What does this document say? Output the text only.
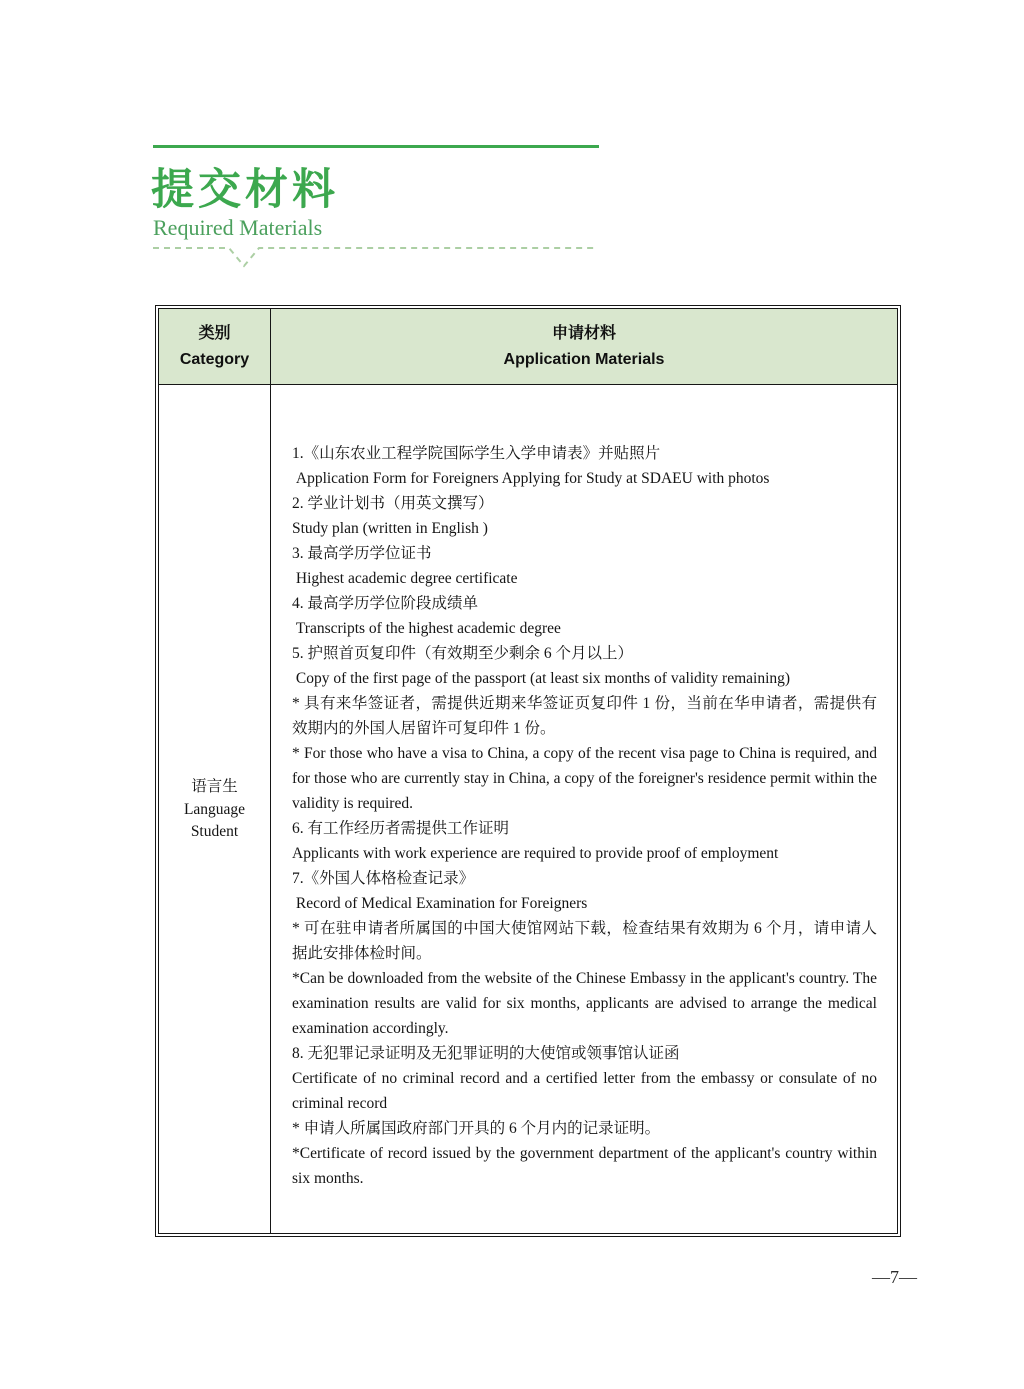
提交材料
Required Materials
类别
Category
申请材料
Application Materials
语言生
Language Student

1.《山东农业工程学院国际学生入学申请表》并贴照片

Application Form for Foreigners Applying for Study at SDAEU with photos

2. 学业计划书（用英文撰写）

Study plan (written in English )

3. 最高学历学位证书

Highest academic degree certificate

4. 最高学历学位阶段成绩单

Transcripts of the highest academic degree

5. 护照首页复印件（有效期至少剩余 6 个月以上）

Copy of the first page of the passport (at least six months of validity remaining)

* 具有来华签证者，需提供近期来华签证页复印件 1 份，当前在华申请者，需提供有效期内的外国人居留许可复印件 1 份。

* For those who have a visa to China, a copy of the recent visa page to China is required, and for those who are currently stay in China, a copy of the foreigner's residence permit within the validity is required.

6. 有工作经历者需提供工作证明

Applicants with work experience are required to provide proof of employment

7.《外国人体格检查记录》

Record of Medical Examination for Foreigners

* 可在驻申请者所属国的中国大使馆网站下载，检查结果有效期为 6 个月，请申请人据此安排体检时间。

*Can be downloaded from the website of the Chinese Embassy in the applicant's country. The examination results are valid for six months, applicants are advised to arrange the medical examination accordingly.

8. 无犯罪记录证明及无犯罪证明的大使馆或领事馆认证函

Certificate of no criminal record and a certified letter from the embassy or consulate of no criminal record

* 申请人所属国政府部门开具的 6 个月内的记录证明。

*Certificate of record issued by the government department of the applicant's country within six months.

—7—
